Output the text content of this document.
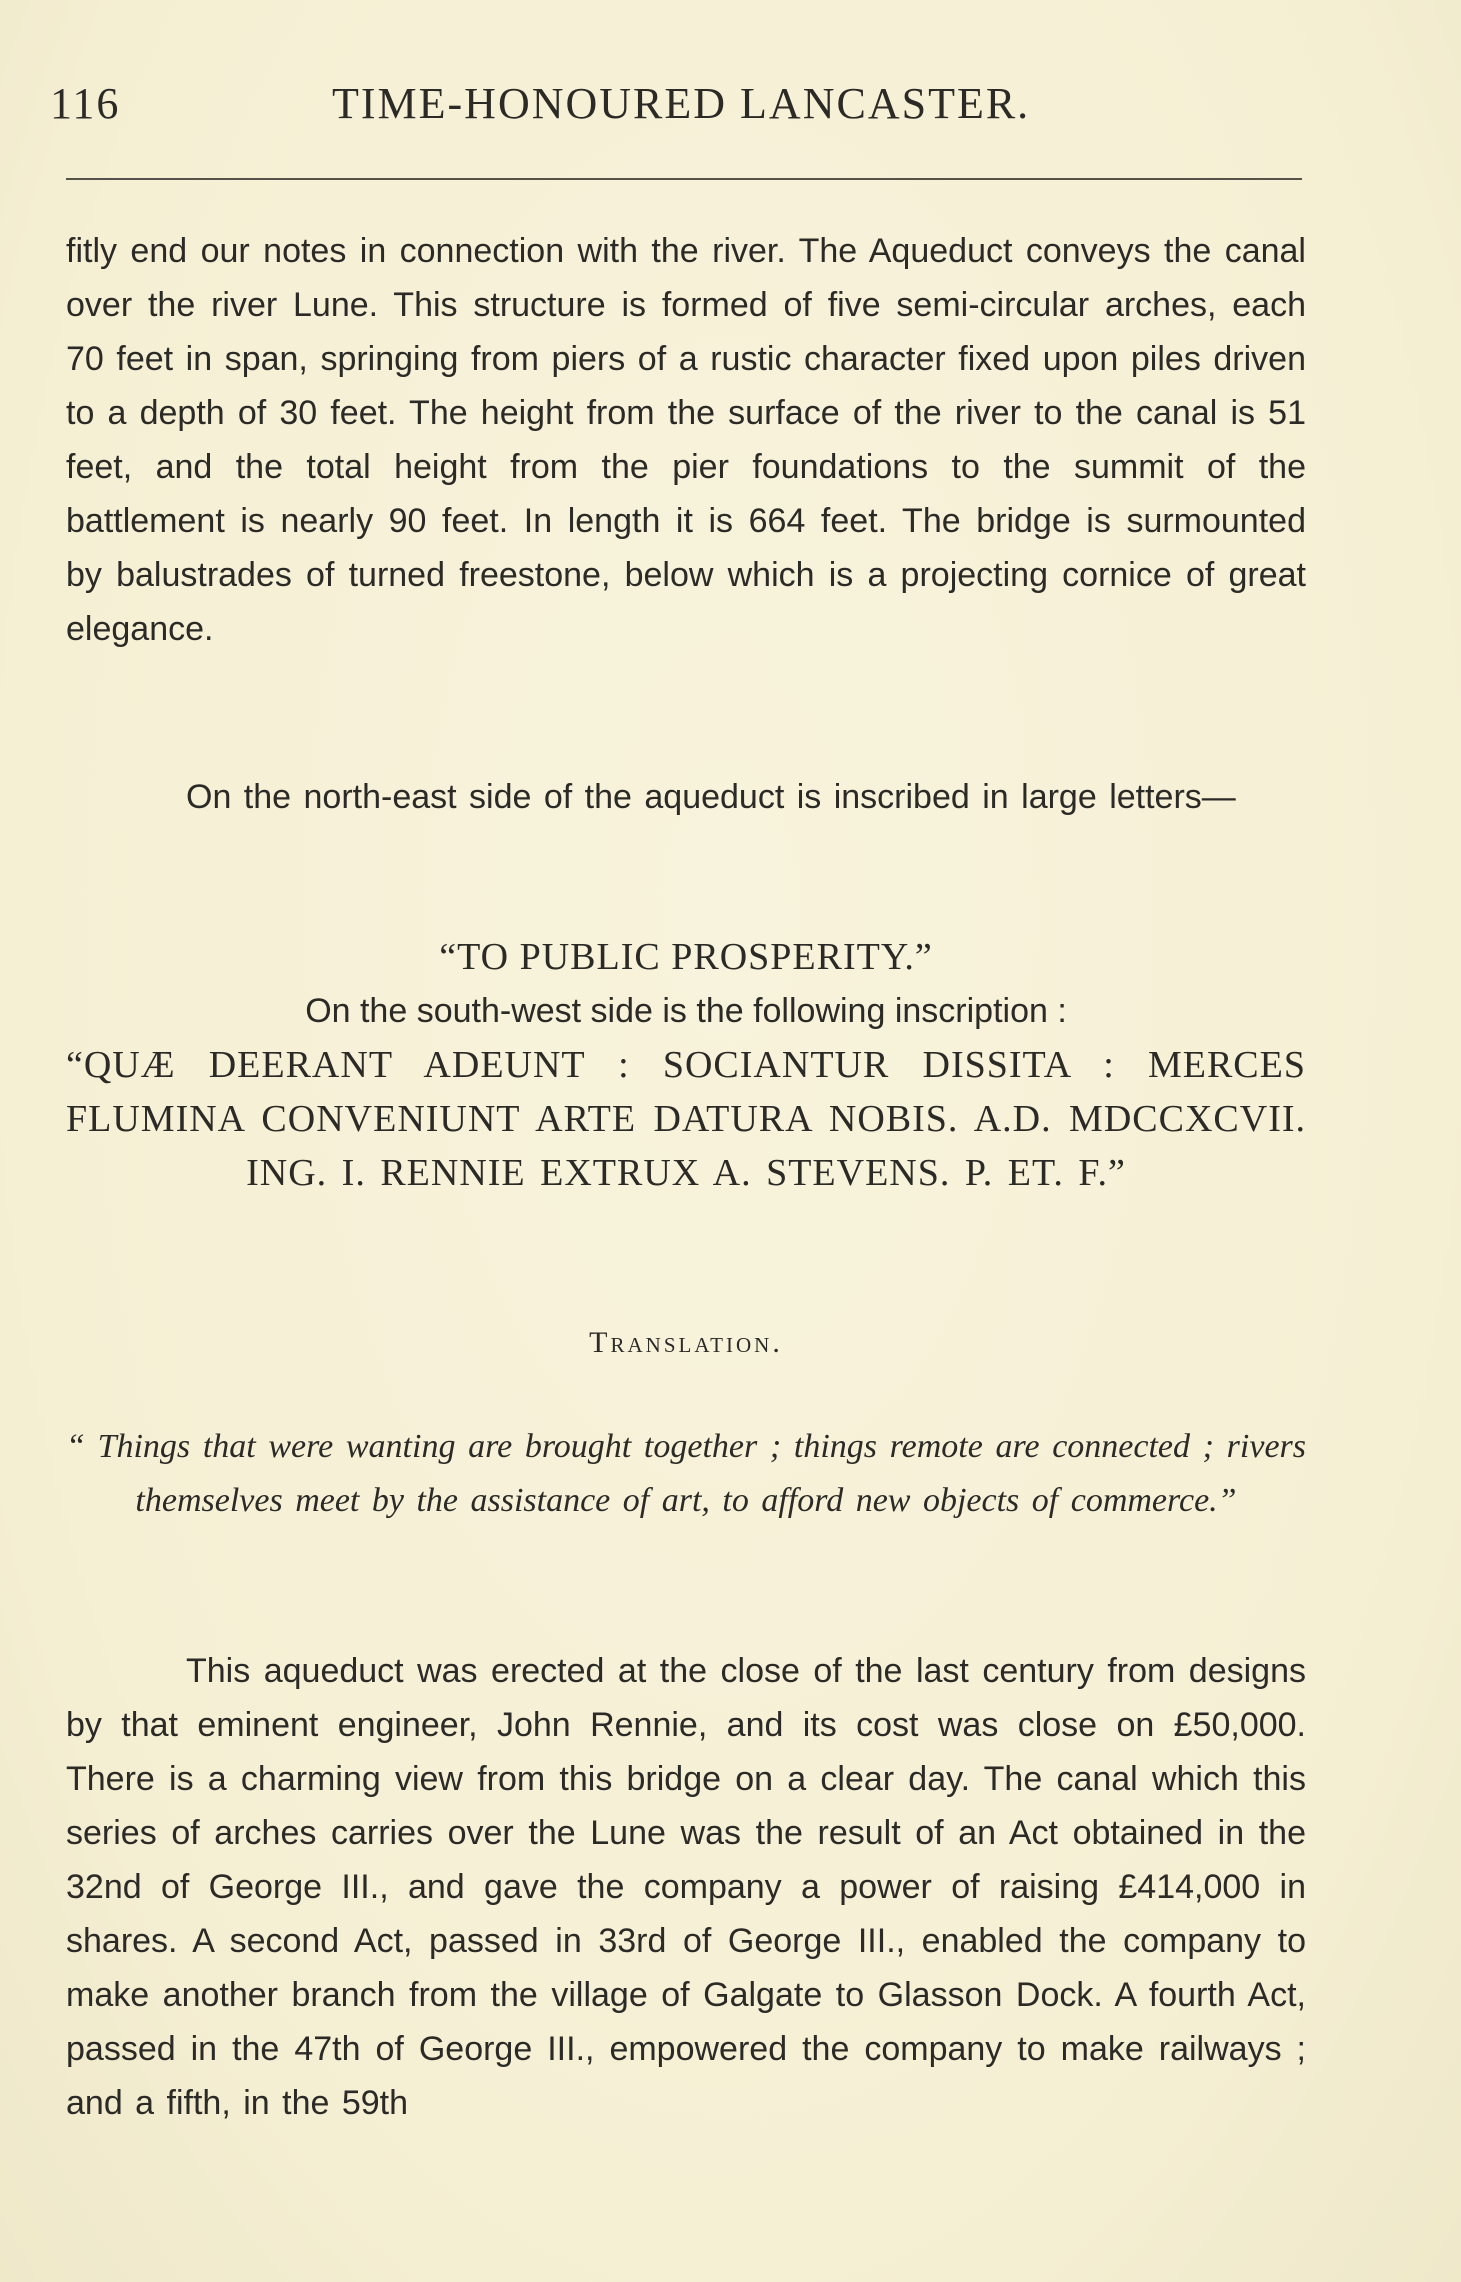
116	TIME-HONOURED LANCASTER.

fitly end our notes in connection with the river. The Aqueduct conveys the canal over the river Lune. This structure is formed of five semi-circular arches, each 70 feet in span, springing from piers of a rustic character fixed upon piles driven to a depth of 30 feet. The height from the surface of the river to the canal is 51 feet, and the total height from the pier foundations to the summit of the battlement is nearly 90 feet. In length it is 664 feet. The bridge is surmounted by balustrades of turned freestone, below which is a projecting cornice of great elegance.

On the north-east side of the aqueduct is inscribed in large letters—

“TO PUBLIC PROSPERITY.”

On the south-west side is the following inscription :

“QUÆ DEERANT ADEUNT : SOCIANTUR DISSITA : MERCES FLUMINA CONVENIUNT ARTE DATURA NOBIS. A.D. MDCCXCVII. ING. I. RENNIE EXTRUX A. STEVENS. P. ET. F.”

Translation.

“ Things that were wanting are brought together ; things remote are connected ; rivers themselves meet by the assistance of art, to afford new objects of commerce.”

This aqueduct was erected at the close of the last century from designs by that eminent engineer, John Rennie, and its cost was close on £50,000. There is a charming view from this bridge on a clear day. The canal which this series of arches carries over the Lune was the result of an Act obtained in the 32nd of George III., and gave the company a power of raising £414,000 in shares. A second Act, passed in 33rd of George III., enabled the company to make another branch from the village of Galgate to Glasson Dock. A fourth Act, passed in the 47th of George III., empowered the company to make railways ; and a fifth, in the 59th
